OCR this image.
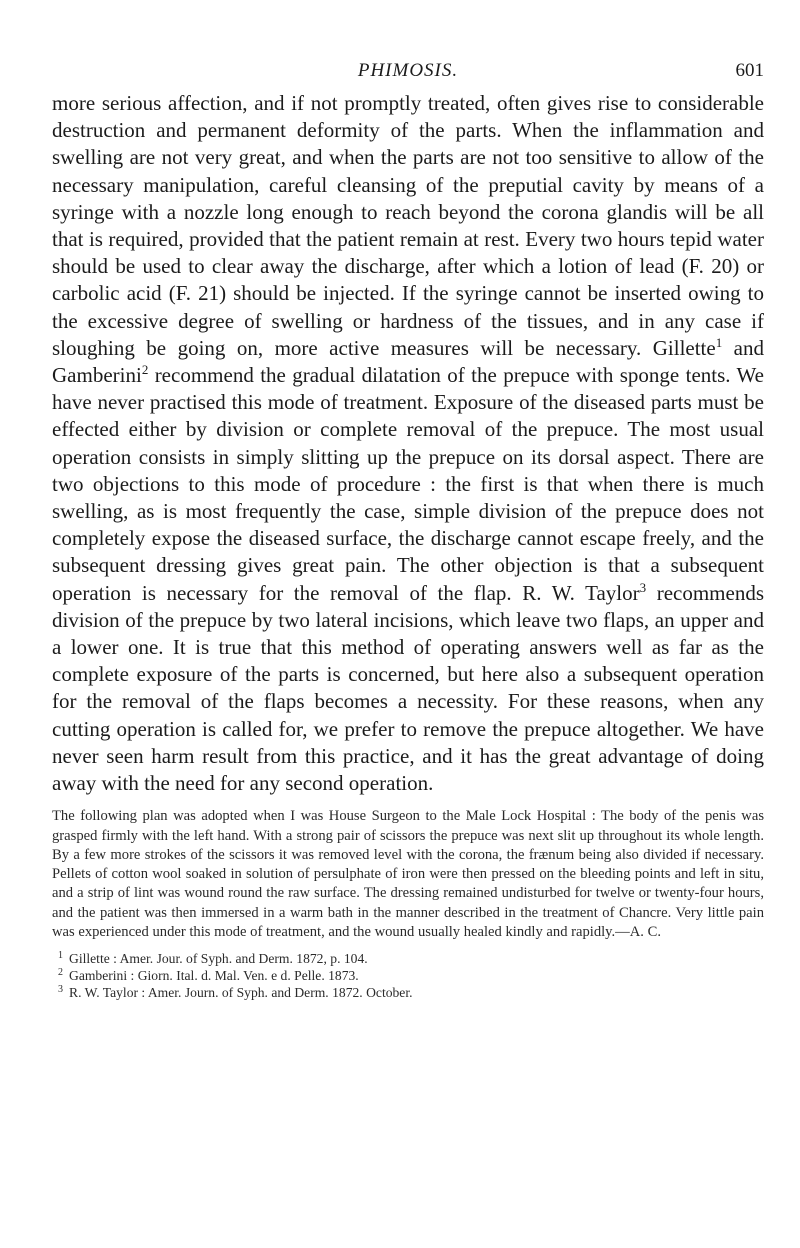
PHIMOSIS.	601

more serious affection, and if not promptly treated, often gives rise to considerable destruction and permanent deformity of the parts. When the inflammation and swelling are not very great, and when the parts are not too sensitive to allow of the necessary manipulation, careful cleansing of the preputial cavity by means of a syringe with a nozzle long enough to reach beyond the corona glandis will be all that is required, provided that the patient remain at rest. Every two hours tepid water should be used to clear away the discharge, after which a lotion of lead (F. 20) or carbolic acid (F. 21) should be injected. If the syringe cannot be inserted owing to the excessive degree of swelling or hardness of the tissues, and in any case if sloughing be going on, more active measures will be necessary. Gillette$^1$ and Gamberini$^2$ recommend the gradual dilatation of the prepuce with sponge tents. We have never practised this mode of treatment. Exposure of the diseased parts must be effected either by division or complete removal of the prepuce. The most usual operation consists in simply slitting up the prepuce on its dorsal aspect. There are two objections to this mode of procedure : the first is that when there is much swelling, as is most frequently the case, simple division of the prepuce does not completely expose the diseased surface, the discharge cannot escape freely, and the subsequent dressing gives great pain. The other objection is that a subsequent operation is necessary for the removal of the flap. R. W. Taylor$^3$ recommends division of the prepuce by two lateral incisions, which leave two flaps, an upper and a lower one. It is true that this method of operating answers well as far as the complete exposure of the parts is concerned, but here also a subsequent operation for the removal of the flaps becomes a necessity. For these reasons, when any cutting operation is called for, we prefer to remove the prepuce altogether. We have never seen harm result from this practice, and it has the great advantage of doing away with the need for any second operation.

The following plan was adopted when I was House Surgeon to the Male Lock Hospital : The body of the penis was grasped firmly with the left hand. With a strong pair of scissors the prepuce was next slit up throughout its whole length. By a few more strokes of the scissors it was removed level with the corona, the frænum being also divided if necessary. Pellets of cotton wool soaked in solution of persulphate of iron were then pressed on the bleeding points and left in situ, and a strip of lint was wound round the raw surface. The dressing remained undisturbed for twelve or twenty-four hours, and the patient was then immersed in a warm bath in the manner described in the treatment of Chancre. Very little pain was experienced under this mode of treatment, and the wound usually healed kindly and rapidly.—A. C.
$^1$ Gillette : Amer. Jour. of Syph. and Derm. 1872, p. 104.
$^2$ Gamberini : Giorn. Ital. d. Mal. Ven. e d. Pelle. 1873.
$^3$ R. W. Taylor : Amer. Journ. of Syph. and Derm. 1872. October.
